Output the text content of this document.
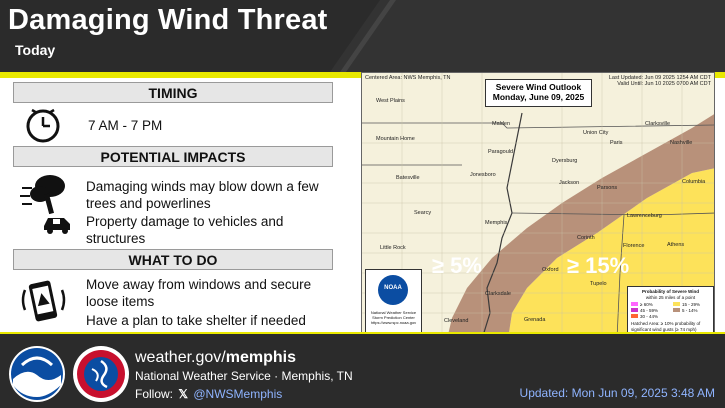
Damaging Wind Threat
Today
TIMING
7 AM - 7 PM
POTENTIAL IMPACTS
Damaging winds may blow down a few trees and powerlines
Property damage to vehicles and structures
WHAT TO DO
Move away from windows and secure loose items
Have a plan to take shelter if needed
Centered Area: NWS Memphis, TN	Last Updated: Jun 09 2025 1254 AM CDT
Valid Until: Jun 10 2025 0700 AM CDT
Severe Wind Outlook
Monday, June 09, 2025
West Plains
Malden	Clarksville
Union City
Paris	Nashville
Mountain Home
Paragould
Dyersburg
Jonesboro
Jackson
Parsons
Columbia
Batesville
Searcy
Memphis
Lawrenceburg
Little Rock
Corinth
Florence	Athens
Oxford
Tupelo
Clarksdale
Grenada
Cleveland
≥ 5%	≥ 15%
NOAA
National Weather Service
Storm Prediction Center
https://www.spc.noaa.gov
Probability of Severe Wind
within 25 miles of a point
≥ 60%	15 - 29%
45 - 59%	5 - 14%
30 - 44%
Hatched Area: ≥ 10% probability of significant wind gusts (≥ 74 mph)
weather.gov/memphis
National Weather Service · Memphis, TN
Follow: 𝕏 @NWSMemphis	Updated: Mon Jun 09, 2025 3:48 AM
